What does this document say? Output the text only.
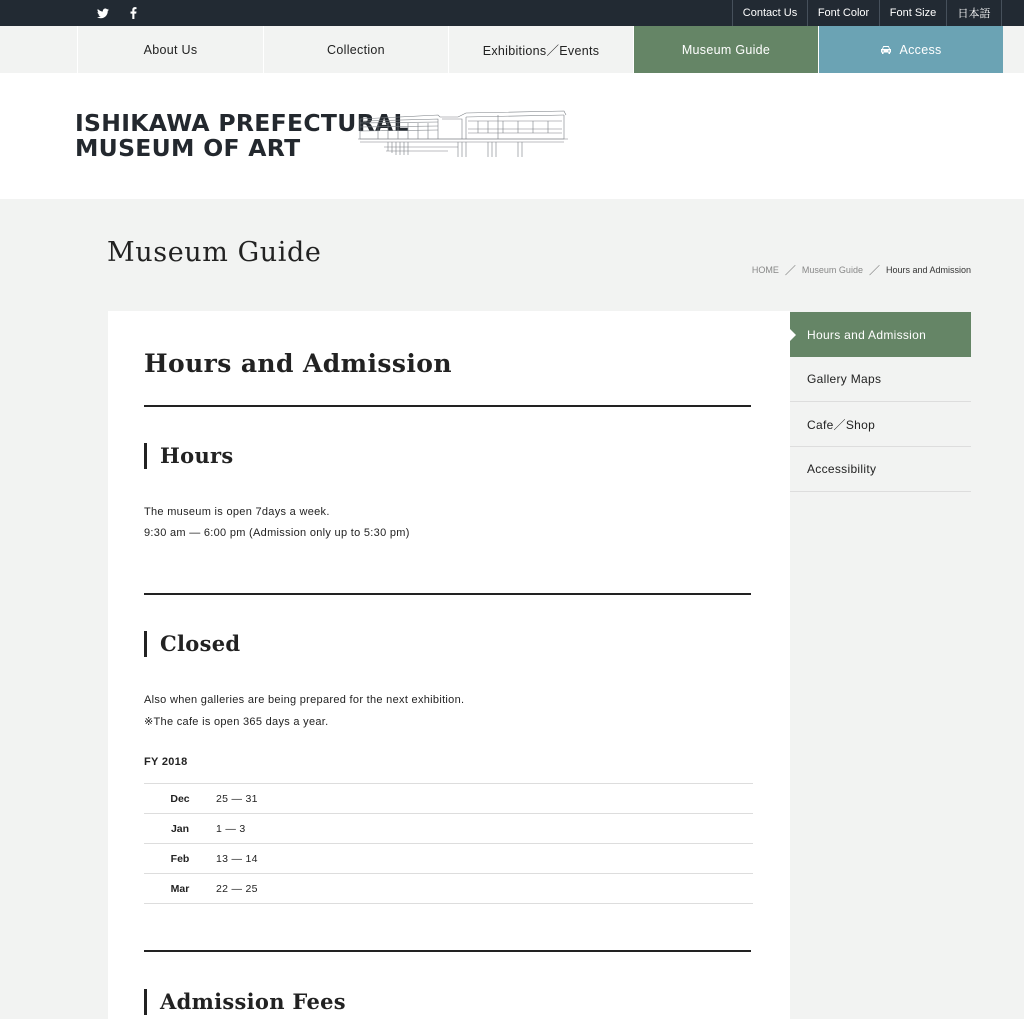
Contact Us	Font Color	Font Size	日本語
About Us	Collection	Exhibitions／Events	Museum Guide	Access
ISHIKAWA PREFECTURAL
MUSEUM OF ART
Museum Guide
HOME ／ Museum Guide ／ Hours and Admission
Hours and Admission
Hours
The museum is open 7days a week.
9:30 am ― 6:00 pm (Admission only up to 5:30 pm)
Closed
Also when galleries are being prepared for the next exhibition.
※The cafe is open 365 days a year.
FY 2018
Dec	25 ― 31
Jan	1 ― 3
Feb	13 ― 14
Mar	22 ― 25
Admission Fees
Hours and Admission
Gallery Maps
Cafe／Shop
Accessibility
